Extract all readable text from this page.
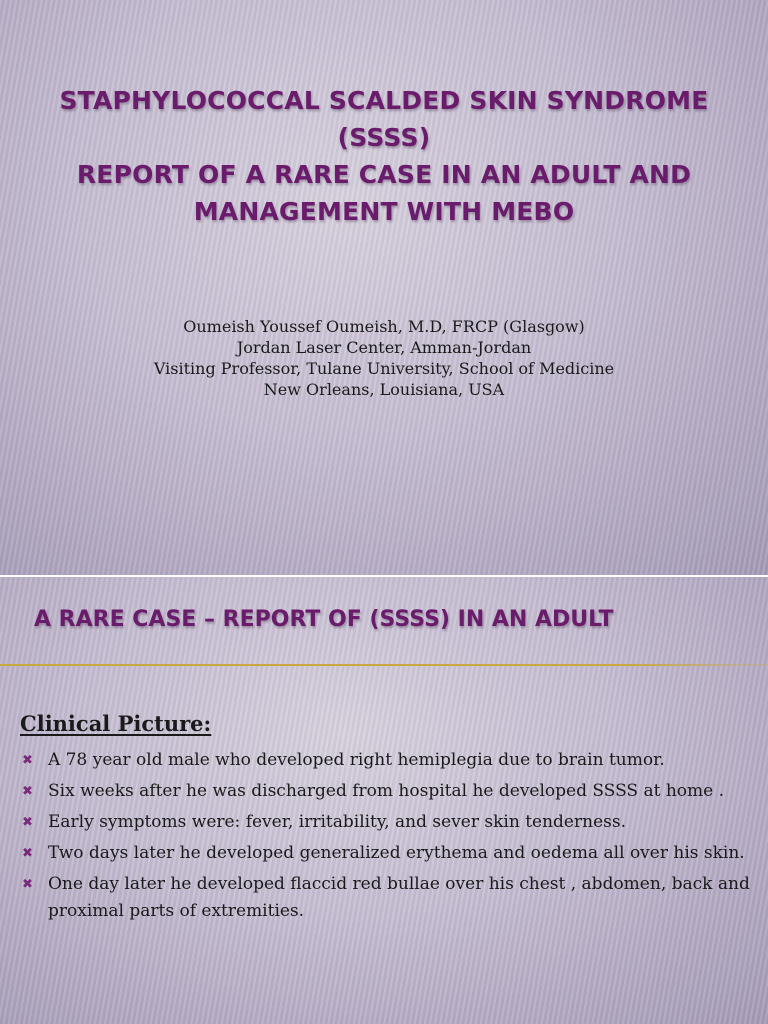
STAPHYLOCOCCAL SCALDED SKIN SYNDROME (SSSS)
REPORT OF A RARE CASE IN AN ADULT AND
MANAGEMENT WITH MEBO
Oumeish Youssef Oumeish, M.D, FRCP (Glasgow)
Jordan Laser Center, Amman-Jordan
Visiting Professor, Tulane University, School of Medicine
New Orleans, Louisiana, USA
A RARE CASE – REPORT OF (SSSS) IN AN ADULT
Clinical Picture:
✖ A 78 year old male who developed right hemiplegia due to brain tumor.
✖ Six weeks after he was discharged from hospital he developed SSSS at home .
✖ Early symptoms were: fever, irritability, and sever skin tenderness.
✖ Two days later he developed generalized erythema and oedema all over his skin.
✖ One day later he developed flaccid red bullae over his chest , abdomen, back and proximal parts of extremities.
